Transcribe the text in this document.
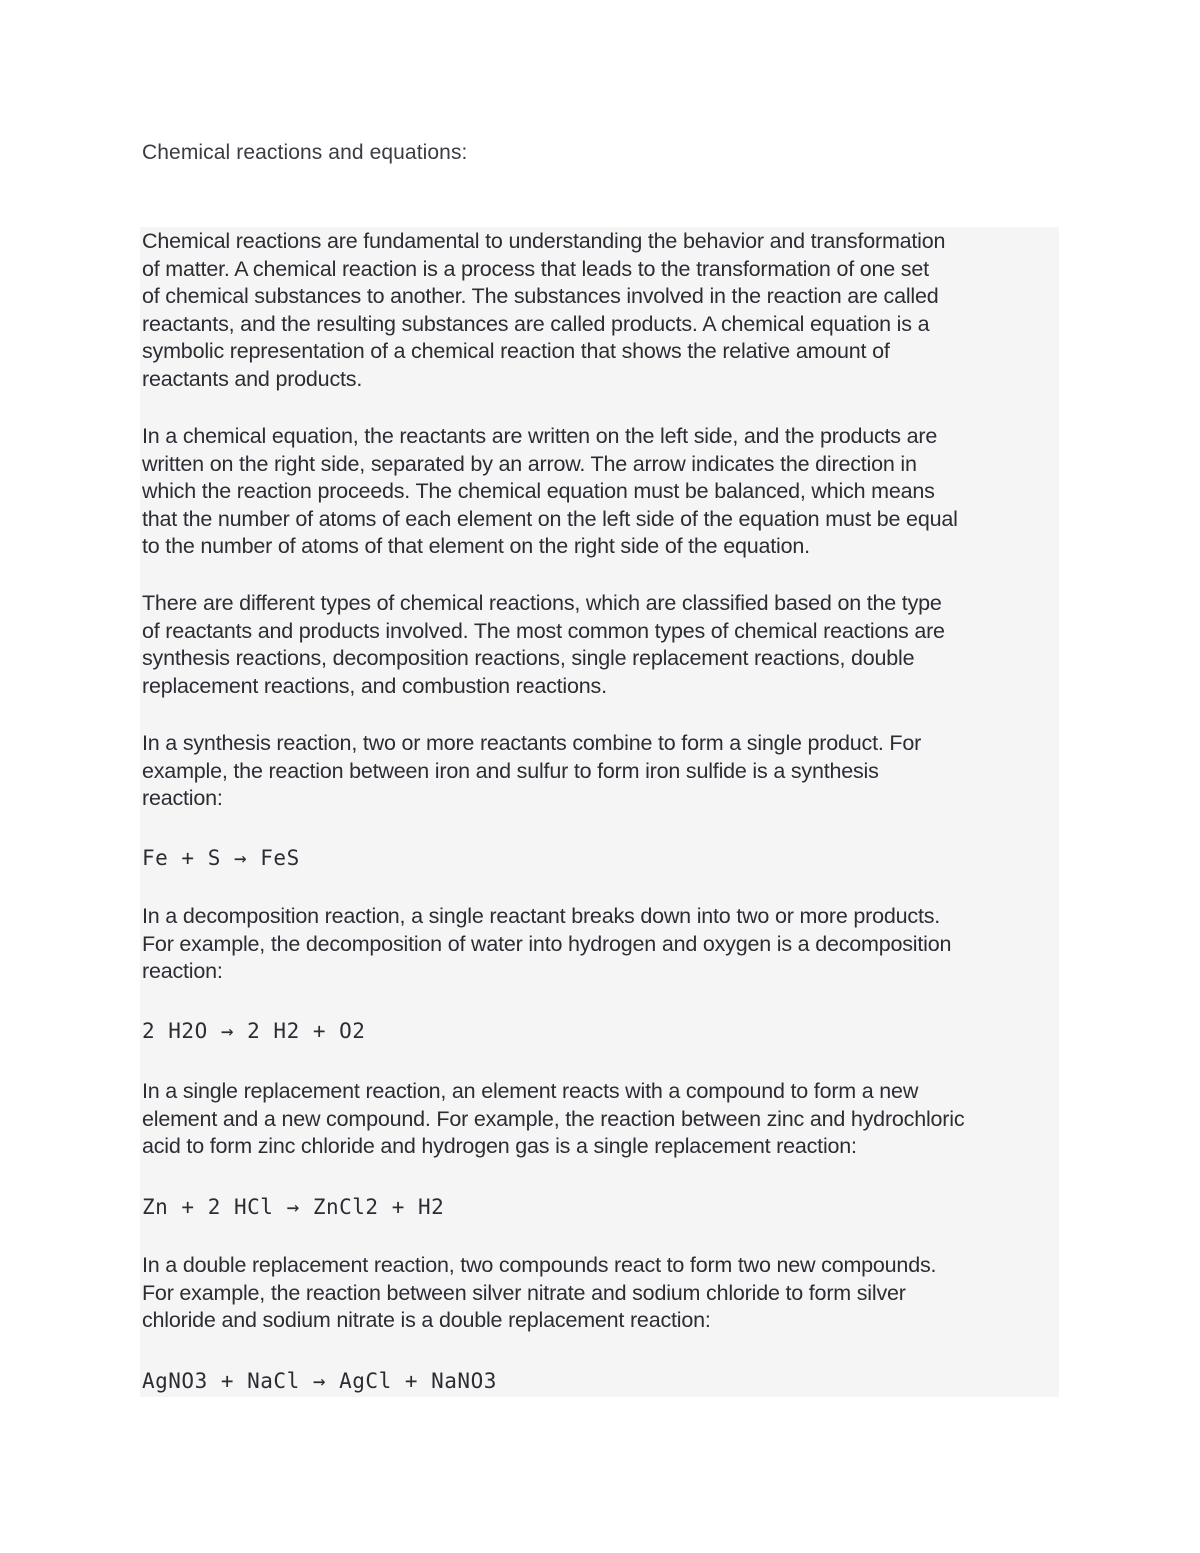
Chemical reactions and equations:

Chemical reactions are fundamental to understanding the behavior and transformation
of matter. A chemical reaction is a process that leads to the transformation of one set
of chemical substances to another. The substances involved in the reaction are called
reactants, and the resulting substances are called products. A chemical equation is a
symbolic representation of a chemical reaction that shows the relative amount of
reactants and products.

In a chemical equation, the reactants are written on the left side, and the products are
written on the right side, separated by an arrow. The arrow indicates the direction in
which the reaction proceeds. The chemical equation must be balanced, which means
that the number of atoms of each element on the left side of the equation must be equal
to the number of atoms of that element on the right side of the equation.

There are different types of chemical reactions, which are classified based on the type
of reactants and products involved. The most common types of chemical reactions are
synthesis reactions, decomposition reactions, single replacement reactions, double
replacement reactions, and combustion reactions.

In a synthesis reaction, two or more reactants combine to form a single product. For
example, the reaction between iron and sulfur to form iron sulfide is a synthesis
reaction:

Fe + S → FeS

In a decomposition reaction, a single reactant breaks down into two or more products.
For example, the decomposition of water into hydrogen and oxygen is a decomposition
reaction:

2 H2O → 2 H2 + O2

In a single replacement reaction, an element reacts with a compound to form a new
element and a new compound. For example, the reaction between zinc and hydrochloric
acid to form zinc chloride and hydrogen gas is a single replacement reaction:

Zn + 2 HCl → ZnCl2 + H2

In a double replacement reaction, two compounds react to form two new compounds.
For example, the reaction between silver nitrate and sodium chloride to form silver
chloride and sodium nitrate is a double replacement reaction:

AgNO3 + NaCl → AgCl + NaNO3
